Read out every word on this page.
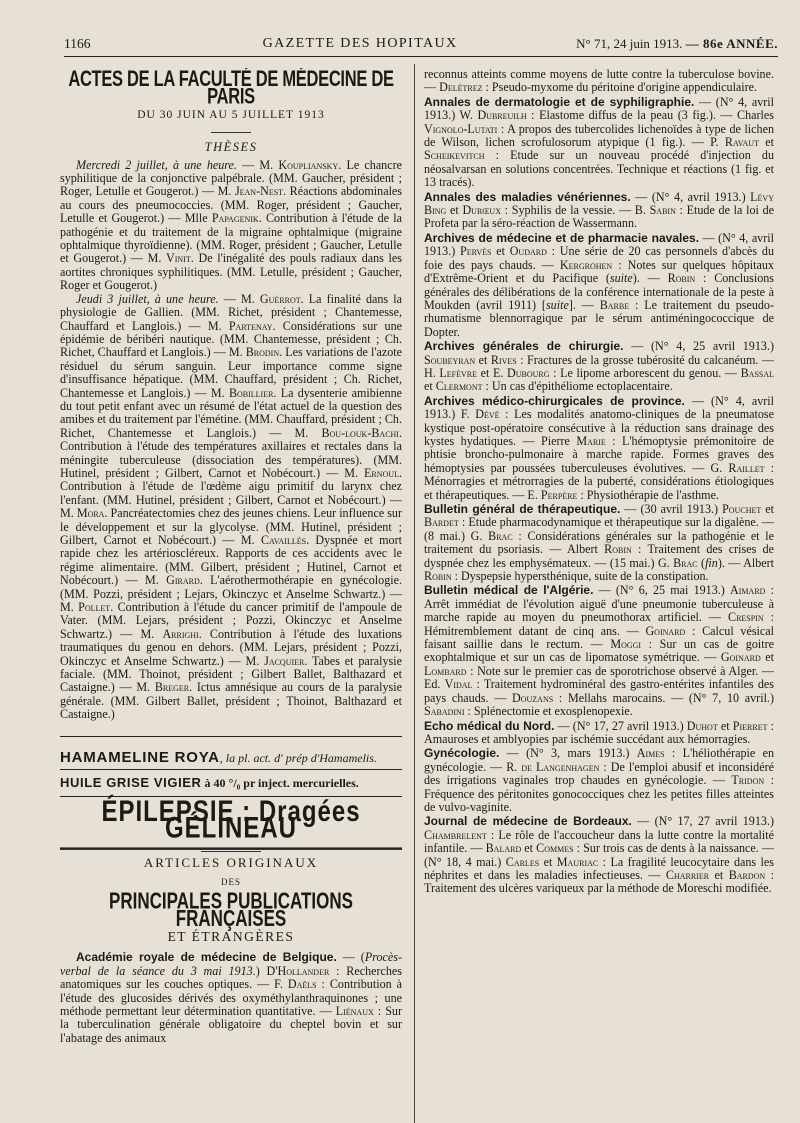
1166	GAZETTE DES HOPITAUX	N° 71, 24 juin 1913. — 86e ANNÉE.
ACTES DE LA FACULTÉ DE MÉDECINE DE PARIS
DU 30 JUIN AU 5 JUILLET 1913
THÈSES

Mercredi 2 juillet, à une heure. — M. Koupliansky. Le chancre syphilitique de la conjonctive palpébrale. (MM. Gaucher, président ; Roger, Letulle et Gougerot.) — M. Jean-Nest. Réactions abdominales au cours des pneumococcies. (MM. Roger, président ; Gaucher, Letulle et Gougerot.) — Mlle Papagenik. Contribution à l'étude de la pathogénie et du traitement de la migraine ophtalmique (migraine ophtalmique thyroïdienne). (MM. Roger, président ; Gaucher, Letulle et Gougerot.) — M. Vinit. De l'inégalité des pouls radiaux dans les aortites chroniques syphilitiques. (MM. Letulle, président ; Gaucher, Roger et Gougerot.)

Jeudi 3 juillet, à une heure. — M. Guérrot. La finalité dans la physiologie de Gallien. (MM. Richet, président ; Chantemesse, Chauffard et Langlois.) — M. Partenay. Considérations sur une épidémie de béribéri nautique. (MM. Chantemesse, président ; Ch. Richet, Chauffard et Langlois.) — M. Brodin. Les variations de l'azote résiduel du sérum sanguin. Leur importance comme signe d'insuffisance hépatique. (MM. Chauffard, président ; Ch. Richet, Chantemesse et Langlois.) — M. Bobillier. La dysenterie amibienne du tout petit enfant avec un résumé de l'état actuel de la question des amibes et du traitement par l'émétine. (MM. Chauffard, président ; Ch. Richet, Chantemesse et Langlois.) — M. Bou-louk-Bachi. Contribution à l'étude des températures axillaires et rectales dans la méningite tuberculeuse (dissociation des températures). (MM. Hutinel, président ; Gilbert, Carnot et Nobécourt.) — M. Ernoul. Contribution à l'étude de l'œdème aigu primitif du larynx chez l'enfant. (MM. Hutinel, président ; Gilbert, Carnot et Nobécourt.) — M. Mora. Pancréatectomies chez des jeunes chiens. Leur influence sur le développement et sur la glycolyse. (MM. Hutinel, président ; Gilbert, Carnot et Nobécourt.) — M. Cavaillès. Dyspnée et mort rapide chez les artérioscléreux. Rapports de ces accidents avec le régime alimentaire. (MM. Gilbert, président ; Hutinel, Carnot et Nobécourt.) — M. Girard. L'aérothermothérapie en gynécologie. (MM. Pozzi, président ; Lejars, Okinczyc et Anselme Schwartz.) — M. Pollet. Contribution à l'étude du cancer primitif de l'ampoule de Vater. (MM. Lejars, président ; Pozzi, Okinczyc et Anselme Schwartz.) — M. Arrighi. Contribution à l'étude des luxations traumatiques du genou en dehors. (MM. Lejars, président ; Pozzi, Okinczyc et Anselme Schwartz.) — M. Jacquier. Tabes et paralysie faciale. (MM. Thoinot, président ; Gilbert Ballet, Balthazard et Castaigne.) — M. Breger. Ictus amnésique au cours de la paralysie générale. (MM. Gilbert Ballet, président ; Thoinot, Balthazard et Castaigne.)

HAMAMELINE ROYA, la pl. act. d' prép d'Hamamelis.
HUILE GRISE VIGIER à 40 °/₀ pr inject. mercurielles.
ÉPILEPSIE : Dragées GÉLINEAU
ARTICLES ORIGINAUX
DES
PRINCIPALES PUBLICATIONS FRANÇAISES
ET ÉTRANGÈRES

Académie royale de médecine de Belgique. — (Procès-verbal de la séance du 3 mai 1913.) D'Hollander : Recherches anatomiques sur les couches optiques. — F. Daëls : Contribution à l'étude des glucosides dérivés des oxyméthylanthraquinones ; une méthode permettant leur détermination quantitative. — Liénaux : Sur la tuberculination générale obligatoire du cheptel bovin et sur l'abatage des animaux

reconnus atteints comme moyens de lutte contre la tuberculose bovine. — Delétrez : Pseudo-myxome du péritoine d'origine appendiculaire.

Annales de dermatologie et de syphiligraphie. — (N° 4, avril 1913.) W. Dubreuilh : Elastome diffus de la peau (3 fig.). — Charles Vignolo-Lutati : A propos des tubercolides lichenoïdes à type de lichen de Wilson, lichen scrofulosorum atypique (1 fig.). — P. Ravaut et Scheikevitch : Etude sur un nouveau procédé d'injection du néosalvarsan en solutions concentrées. Technique et réactions (1 fig. et 13 tracés).

Annales des maladies vénériennes. — (N° 4, avril 1913.) Lévy Bing et Durœux : Syphilis de la vessie. — B. Sabin : Etude de la loi de Profeta par la séro-réaction de Wassermann.

Archives de médecine et de pharmacie navales. — (N° 4, avril 1913.) Pervès et Oudard : Une série de 20 cas personnels d'abcès du foie des pays chauds. — Kergrohen : Notes sur quelques hôpitaux d'Extrême-Orient et du Pacifique (suite). — Robin : Conclusions générales des délibérations de la conférence internationale de la peste à Moukden (avril 1911) [suite]. — Barbe : Le traitement du pseudo-rhumatisme blennorragique par le sérum antiméningococcique de Dopter.

Archives générales de chirurgie. — (N° 4, 25 avril 1913.) Soubeyran et Rives : Fractures de la grosse tubérosité du calcanéum. — H. Lefèvre et E. Dubourg : Le lipome arborescent du genou. — Bassal et Clermont : Un cas d'épithéliome ectoplacentaire.

Archives médico-chirurgicales de province. — (N° 4, avril 1913.) F. Dévé : Les modalités anatomo-cliniques de la pneumatose kystique post-opératoire consécutive à la réduction sans drainage des kystes hydatiques. — Pierre Marie : L'hémoptysie prémonitoire de phtisie broncho-pulmonaire à marche rapide. Formes graves des hémoptysies par poussées tuberculeuses évolutives. — G. Raillet : Ménorragies et métrorragies de la puberté, considérations étiologiques et thérapeutiques. — E. Perpère : Physiothérapie de l'asthme.

Bulletin général de thérapeutique. — (30 avril 1913.) Pouchet et Bardet : Etude pharmacodynamique et thérapeutique sur la digalène. — (8 mai.) G. Brac : Considérations générales sur la pathogénie et le traitement du psoriasis. — Albert Robin : Traitement des crises de dyspnée chez les emphysémateux. — (15 mai.) G. Brac (fin). — Albert Robin : Dyspepsie hypersthénique, suite de la constipation.

Bulletin médical de l'Algérie. — (N° 6, 25 mai 1913.) Aimard : Arrêt immédiat de l'évolution aiguë d'une pneumonie tuberculeuse à marche rapide au moyen du pneumothorax artificiel. — Crespin : Hémitremblement datant de cinq ans. — Goinard : Calcul vésical faisant saillie dans le rectum. — Moggi : Sur un cas de goitre exophtalmique et sur un cas de lipomatose symétrique. — Goinard et Lombard : Note sur le premier cas de sporotrichose observé à Alger. — Ed. Vidal : Traitement hydrominéral des gastro-entérites infantiles des pays chauds. — Douzans : Mellahs marocains. — (N° 7, 10 avril.) Sabadini : Splénectomie et exosplenopexie.

Echo médical du Nord. — (N° 17, 27 avril 1913.) Duhot et Pierret : Amauroses et amblyopies par ischémie succédant aux hémorragies.

Gynécologie. — (N° 3, mars 1913.) Aimes : L'héliothérapie en gynécologie. — R. de Langenhagen : De l'emploi abusif et inconsidéré des irrigations vaginales trop chaudes en gynécologie. — Tridon : Fréquence des péritonites gonococciques chez les petites filles atteintes de vulvo-vaginite.

Journal de médecine de Bordeaux. — (N° 17, 27 avril 1913.) Chambrelent : Le rôle de l'accoucheur dans la lutte contre la mortalité infantile. — Balard et Commes : Sur trois cas de dents à la naissance. — (N° 18, 4 mai.) Carles et Mauriac : La fragilité leucocytaire dans les néphrites et dans les maladies infectieuses. — Charrier et Bardon : Traitement des ulcères variqueux par la méthode de Moreschi modifiée.
